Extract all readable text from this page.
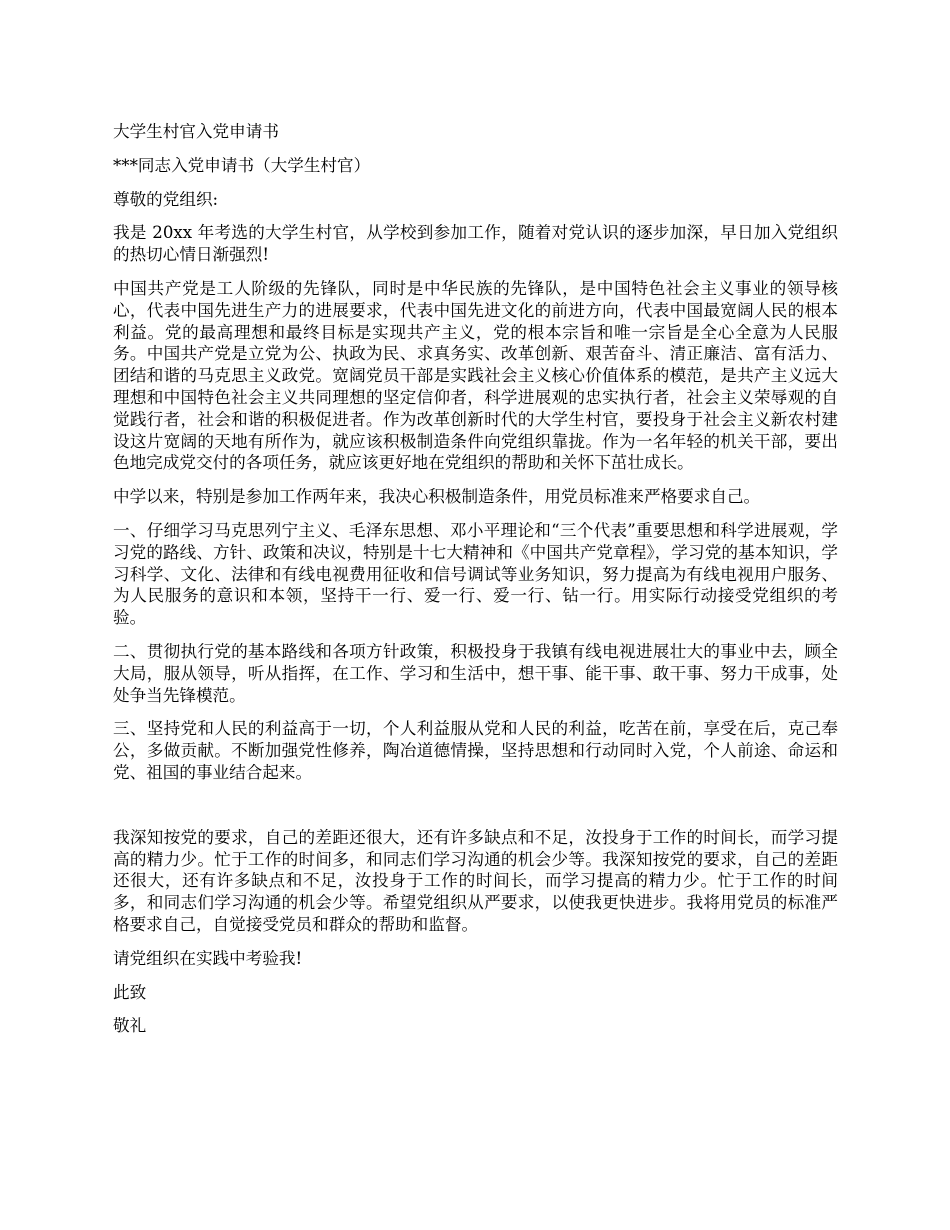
大学生村官入党申请书

***同志入党申请书（大学生村官）

尊敬的党组织:

我是 20xx 年考选的大学生村官，从学校到参加工作，随着对党认识的逐步加深，早日加入党组织的热切心情日渐强烈!

中国共产党是工人阶级的先锋队，同时是中华民族的先锋队，是中国特色社会主义事业的领导核心，代表中国先进生产力的进展要求，代表中国先进文化的前进方向，代表中国最宽阔人民的根本利益。党的最高理想和最终目标是实现共产主义，党的根本宗旨和唯一宗旨是全心全意为人民服务。中国共产党是立党为公、执政为民、求真务实、改革创新、艰苦奋斗、清正廉洁、富有活力、团结和谐的马克思主义政党。宽阔党员干部是实践社会主义核心价值体系的模范，是共产主义远大理想和中国特色社会主义共同理想的坚定信仰者，科学进展观的忠实执行者，社会主义荣辱观的自觉践行者，社会和谐的积极促进者。作为改革创新时代的大学生村官，要投身于社会主义新农村建设这片宽阔的天地有所作为，就应该积极制造条件向党组织靠拢。作为一名年轻的机关干部，要出色地完成党交付的各项任务，就应该更好地在党组织的帮助和关怀下茁壮成长。

中学以来，特别是参加工作两年来，我决心积极制造条件，用党员标准来严格要求自己。

一、仔细学习马克思列宁主义、毛泽东思想、邓小平理论和“三个代表”重要思想和科学进展观，学习党的路线、方针、政策和决议，特别是十七大精神和《中国共产党章程》，学习党的基本知识，学习科学、文化、法律和有线电视费用征收和信号调试等业务知识，努力提高为有线电视用户服务、为人民服务的意识和本领，坚持干一行、爱一行、爱一行、钻一行。用实际行动接受党组织的考验。

二、贯彻执行党的基本路线和各项方针政策，积极投身于我镇有线电视进展壮大的事业中去，顾全大局，服从领导，听从指挥，在工作、学习和生活中，想干事、能干事、敢干事、努力干成事，处处争当先锋模范。

三、坚持党和人民的利益高于一切，个人利益服从党和人民的利益，吃苦在前，享受在后，克己奉公，多做贡献。不断加强党性修养，陶冶道德情操，坚持思想和行动同时入党，个人前途、命运和党、祖国的事业结合起来。

我深知按党的要求，自己的差距还很大，还有许多缺点和不足，汝投身于工作的时间长，而学习提高的精力少。忙于工作的时间多，和同志们学习沟通的机会少等。我深知按党的要求，自己的差距还很大，还有许多缺点和不足，汝投身于工作的时间长，而学习提高的精力少。忙于工作的时间多，和同志们学习沟通的机会少等。希望党组织从严要求，以使我更快进步。我将用党员的标准严格要求自己，自觉接受党员和群众的帮助和监督。

请党组织在实践中考验我!

此致

敬礼
